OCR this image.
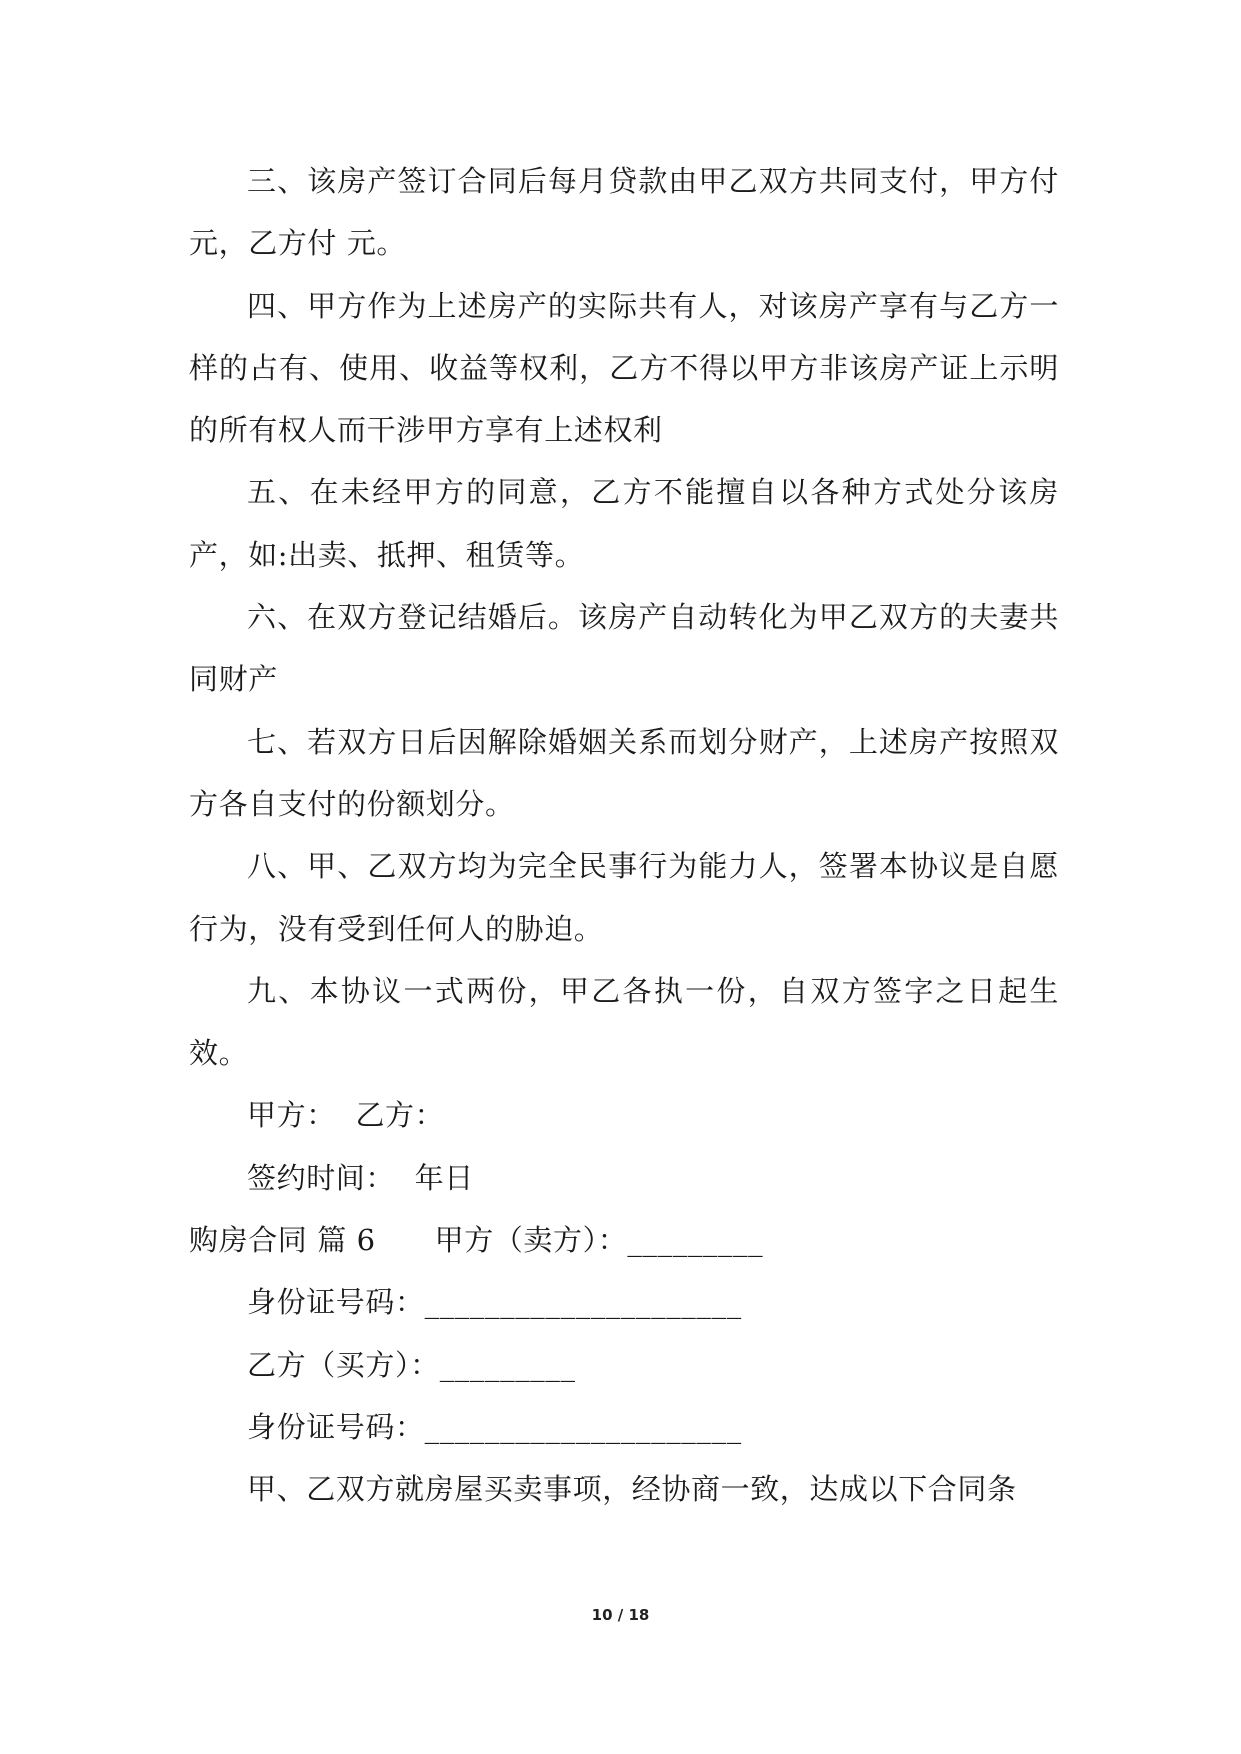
三、该房产签订合同后每月贷款由甲乙双方共同支付，甲方付 元，乙方付 元。

四、甲方作为上述房产的实际共有人，对该房产享有与乙方一样的占有、使用、收益等权利，乙方不得以甲方非该房产证上示明的所有权人而干涉甲方享有上述权利

五、在未经甲方的同意，乙方不能擅自以各种方式处分该房产，如:出卖、抵押、租赁等。

六、在双方登记结婚后。该房产自动转化为甲乙双方的夫妻共同财产

七、若双方日后因解除婚姻关系而划分财产，上述房产按照双方各自支付的份额划分。

八、甲、乙双方均为完全民事行为能力人，签署本协议是自愿行为，没有受到任何人的胁迫。

九、本协议一式两份，甲乙各执一份，自双方签字之日起生效。

甲方： 乙方：

签约时间： 年日

购房合同 篇 6 甲方（卖方）：_________

身份证号码：_____________________

乙方（买方）：_________

身份证号码：_____________________

甲、乙双方就房屋买卖事项，经协商一致，达成以下合同条

10 / 18
